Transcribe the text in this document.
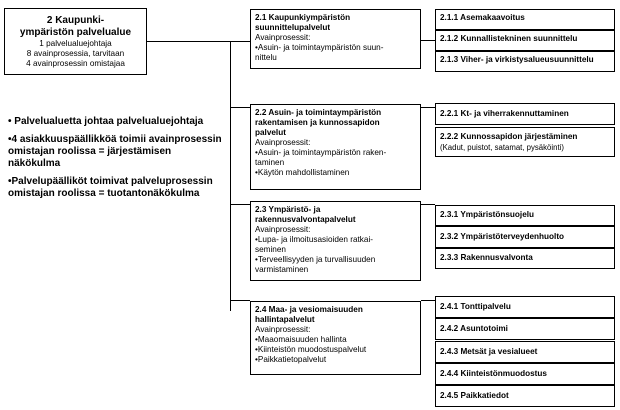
2 Kaupunki-
ympäristön palvelualue
1 palvelualuejohtaja
8 avainprosessia, tarvitaan
4 avainprosessin omistajaa
• Palvelualuetta johtaa palvelualuejohtaja
•4 asiakkuuspäällikköä toimii avainprosessin omistajan roolissa = järjestämisen näkökulma
•Palvelupäälliköt toimivat palveluprosessin omistajan roolissa = tuotantonäkökulma
2.1 Kaupunkiympäristön
suunnittelupalvelut
Avainprosessit:
•Asuin- ja toimintaympäristön suun-
nittelu
2.2 Asuin- ja toimintaympäristön
rakentamisen ja kunnossapidon
palvelut
Avainprosessit:
•Asuin- ja toimintaympäristön raken-
taminen
•Käytön mahdollistaminen
2.3 Ympäristö- ja
rakennusvalvontapalvelut
Avainprosessit:
•Lupa- ja ilmoitusasioiden ratkai-
seminen
•Terveellisyyden ja turvallisuuden
varmistaminen
2.4 Maa- ja vesiomaisuuden
hallintapalvelut
Avainprosessit:
•Maaomaisuuden hallinta
•Kiinteistön muodostuspalvelut
•Paikkatietopalvelut
2.1.1 Asemakaavoitus
2.1.2 Kunnallistekninen suunnittelu
2.1.3 Viher- ja virkistysalueusuunnittelu
2.2.1 Kt- ja viherrakennuttaminen
2.2.2 Kunnossapidon järjestäminen
(Kadut, puistot, satamat, pysäköinti)
2.3.1 Ympäristönsuojelu
2.3.2 Ympäristöterveydenhuolto
2.3.3 Rakennusvalvonta
2.4.1 Tonttipalvelu
2.4.2 Asuntotoimi
2.4.3 Metsät ja vesialueet
2.4.4 Kiinteistönmuodostus
2.4.5 Paikkatiedot
